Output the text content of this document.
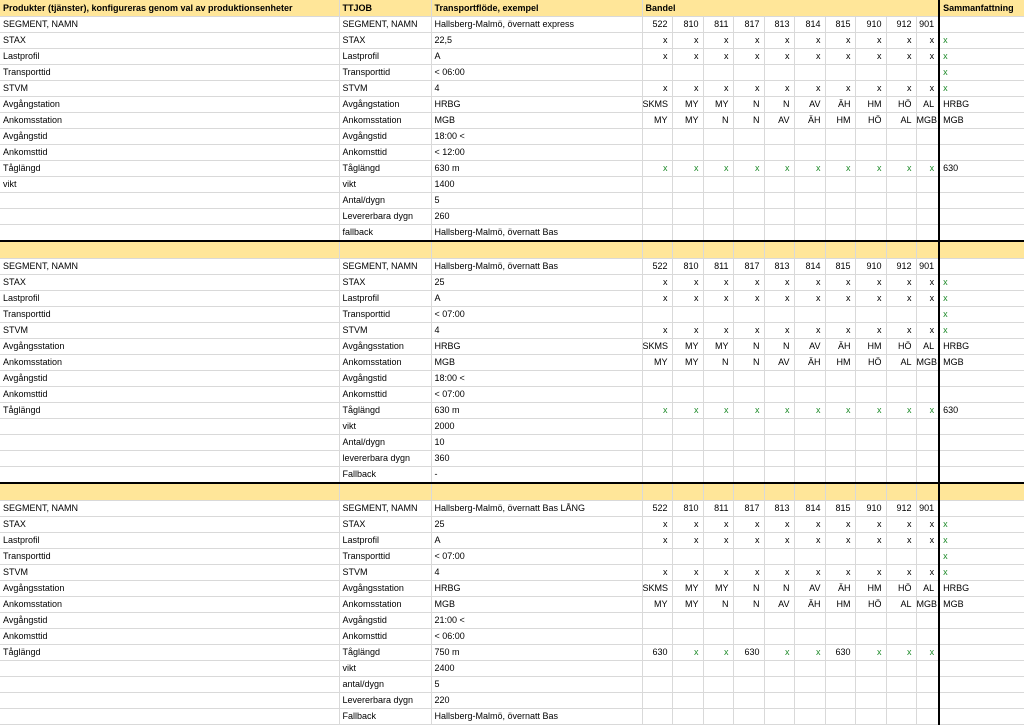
Produkter (tjänster), konfigureras genom val av produktionsenheter	TTJOB	Transportflöde, exempel	Bandel										Sammanfattning
SEGMENT, NAMN	SEGMENT, NAMN	Hallsberg-Malmö, övernatt express	522	810	811	817	813	814	815	910	912	901	
STAX	STAX	22,5	x	x	x	x	x	x	x	x	x	x	x
Lastprofil	Lastprofil	A	x	x	x	x	x	x	x	x	x	x	x
Transporttid	Transporttid	< 06:00											x
STVM	STVM	4	x	x	x	x	x	x	x	x	x	x	x
Avgångstation	Avgångstation	HRBG	SKMS	MY	MY	N	N	AV	ÄH	HM	HÖ	AL	HRBG
Ankomsstation	Ankomsstation	MGB	MY	MY	N	N	AV	ÄH	HM	HÖ	AL	MGB	MGB
Avgångstid	Avgångstid	18:00 <											
Ankomsttid	Ankomsttid	< 12:00											
Tåglängd	Tåglängd	630 m	x	x	x	x	x	x	x	x	x	x	630
vikt	vikt	1400											
	Antal/dygn	5											
	Levererbara dygn	260											
	fallback	Hallsberg-Malmö, övernatt Bas											

SEGMENT, NAMN	SEGMENT, NAMN	Hallsberg-Malmö, övernatt Bas	522	810	811	817	813	814	815	910	912	901	
STAX	STAX	25	x	x	x	x	x	x	x	x	x	x	x
Lastprofil	Lastprofil	A	x	x	x	x	x	x	x	x	x	x	x
Transporttid	Transporttid	< 07:00											x
STVM	STVM	4	x	x	x	x	x	x	x	x	x	x	x
Avgångsstation	Avgångsstation	HRBG	SKMS	MY	MY	N	N	AV	ÄH	HM	HÖ	AL	HRBG
Ankomsstation	Ankomsstation	MGB	MY	MY	N	N	AV	ÄH	HM	HÖ	AL	MGB	MGB
Avgångstid	Avgångstid	18:00 <											
Ankomsttid	Ankomsttid	< 07:00											
Tåglängd	Tåglängd	630 m	x	x	x	x	x	x	x	x	x	x	630
	vikt	2000											
	Antal/dygn	10											
	levererbara dygn	360											
	Fallback	-											

SEGMENT, NAMN	SEGMENT, NAMN	Hallsberg-Malmö, övernatt Bas LÅNG	522	810	811	817	813	814	815	910	912	901	
STAX	STAX	25	x	x	x	x	x	x	x	x	x	x	x
Lastprofil	Lastprofil	A	x	x	x	x	x	x	x	x	x	x	x
Transporttid	Transporttid	< 07:00											x
STVM	STVM	4	x	x	x	x	x	x	x	x	x	x	x
Avgångsstation	Avgångsstation	HRBG	SKMS	MY	MY	N	N	AV	ÄH	HM	HÖ	AL	HRBG
Ankomsstation	Ankomsstation	MGB	MY	MY	N	N	AV	ÄH	HM	HÖ	AL	MGB	MGB
Avgångstid	Avgångstid	21:00 <											
Ankomsttid	Ankomsttid	< 06:00											
Tåglängd	Tåglängd	750 m	630	x	x	630	x	x	630	x	x	x	
	vikt	2400											
	antal/dygn	5											
	Levererbara dygn	220											
	Fallback	Hallsberg-Malmö, övernatt Bas											
